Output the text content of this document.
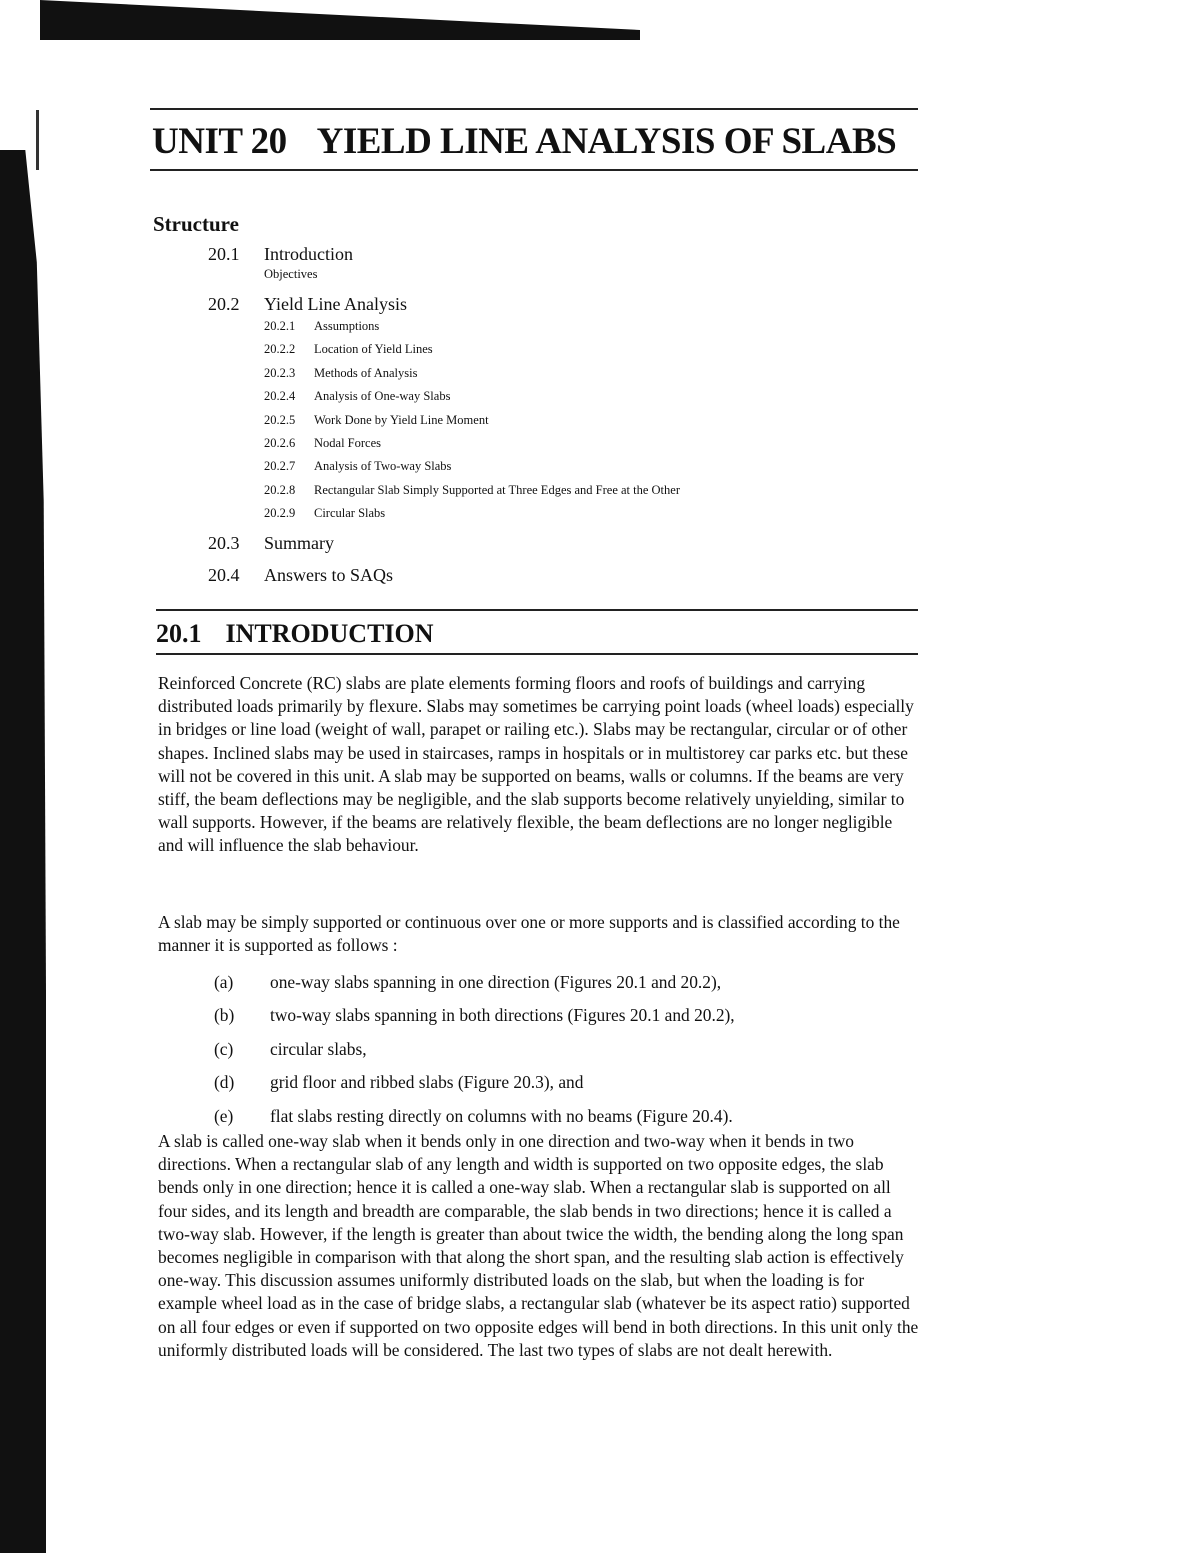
UNIT 20 YIELD LINE ANALYSIS OF SLABS
Structure
20.1	Introduction
Objectives
20.2	Yield Line Analysis
20.2.1	Assumptions
20.2.2	Location of Yield Lines
20.2.3	Methods of Analysis
20.2.4	Analysis of One-way Slabs
20.2.5	Work Done by Yield Line Moment
20.2.6	Nodal Forces
20.2.7	Analysis of Two-way Slabs
20.2.8	Rectangular Slab Simply Supported at Three Edges and Free at the Other
20.2.9	Circular Slabs
20.3	Summary
20.4	Answers to SAQs
20.1 INTRODUCTION

Reinforced Concrete (RC) slabs are plate elements forming floors and roofs of buildings and carrying distributed loads primarily by flexure. Slabs may sometimes be carrying point loads (wheel loads) especially in bridges or line load (weight of wall, parapet or railing etc.). Slabs may be rectangular, circular or of other shapes. Inclined slabs may be used in staircases, ramps in hospitals or in multistorey car parks etc. but these will not be covered in this unit. A slab may be supported on beams, walls or columns. If the beams are very stiff, the beam deflections may be negligible, and the slab supports become relatively unyielding, similar to wall supports. However, if the beams are relatively flexible, the beam deflections are no longer negligible and will influence the slab behaviour.

A slab may be simply supported or continuous over one or more supports and is classified according to the manner it is supported as follows :

(a)	one-way slabs spanning in one direction (Figures 20.1 and 20.2),
(b)	two-way slabs spanning in both directions (Figures 20.1 and 20.2),
(c)	circular slabs,
(d)	grid floor and ribbed slabs (Figure 20.3), and
(e)	flat slabs resting directly on columns with no beams (Figure 20.4).

A slab is called one-way slab when it bends only in one direction and two-way when it bends in two directions. When a rectangular slab of any length and width is supported on two opposite edges, the slab bends only in one direction; hence it is called a one-way slab. When a rectangular slab is supported on all four sides, and its length and breadth are comparable, the slab bends in two directions; hence it is called a two-way slab. However, if the length is greater than about twice the width, the bending along the long span becomes negligible in comparison with that along the short span, and the resulting slab action is effectively one-way. This discussion assumes uniformly distributed loads on the slab, but when the loading is for example wheel load as in the case of bridge slabs, a rectangular slab (whatever be its aspect ratio) supported on all four edges or even if supported on two opposite edges will bend in both directions. In this unit only the uniformly distributed loads will be considered. The last two types of slabs are not dealt herewith.
